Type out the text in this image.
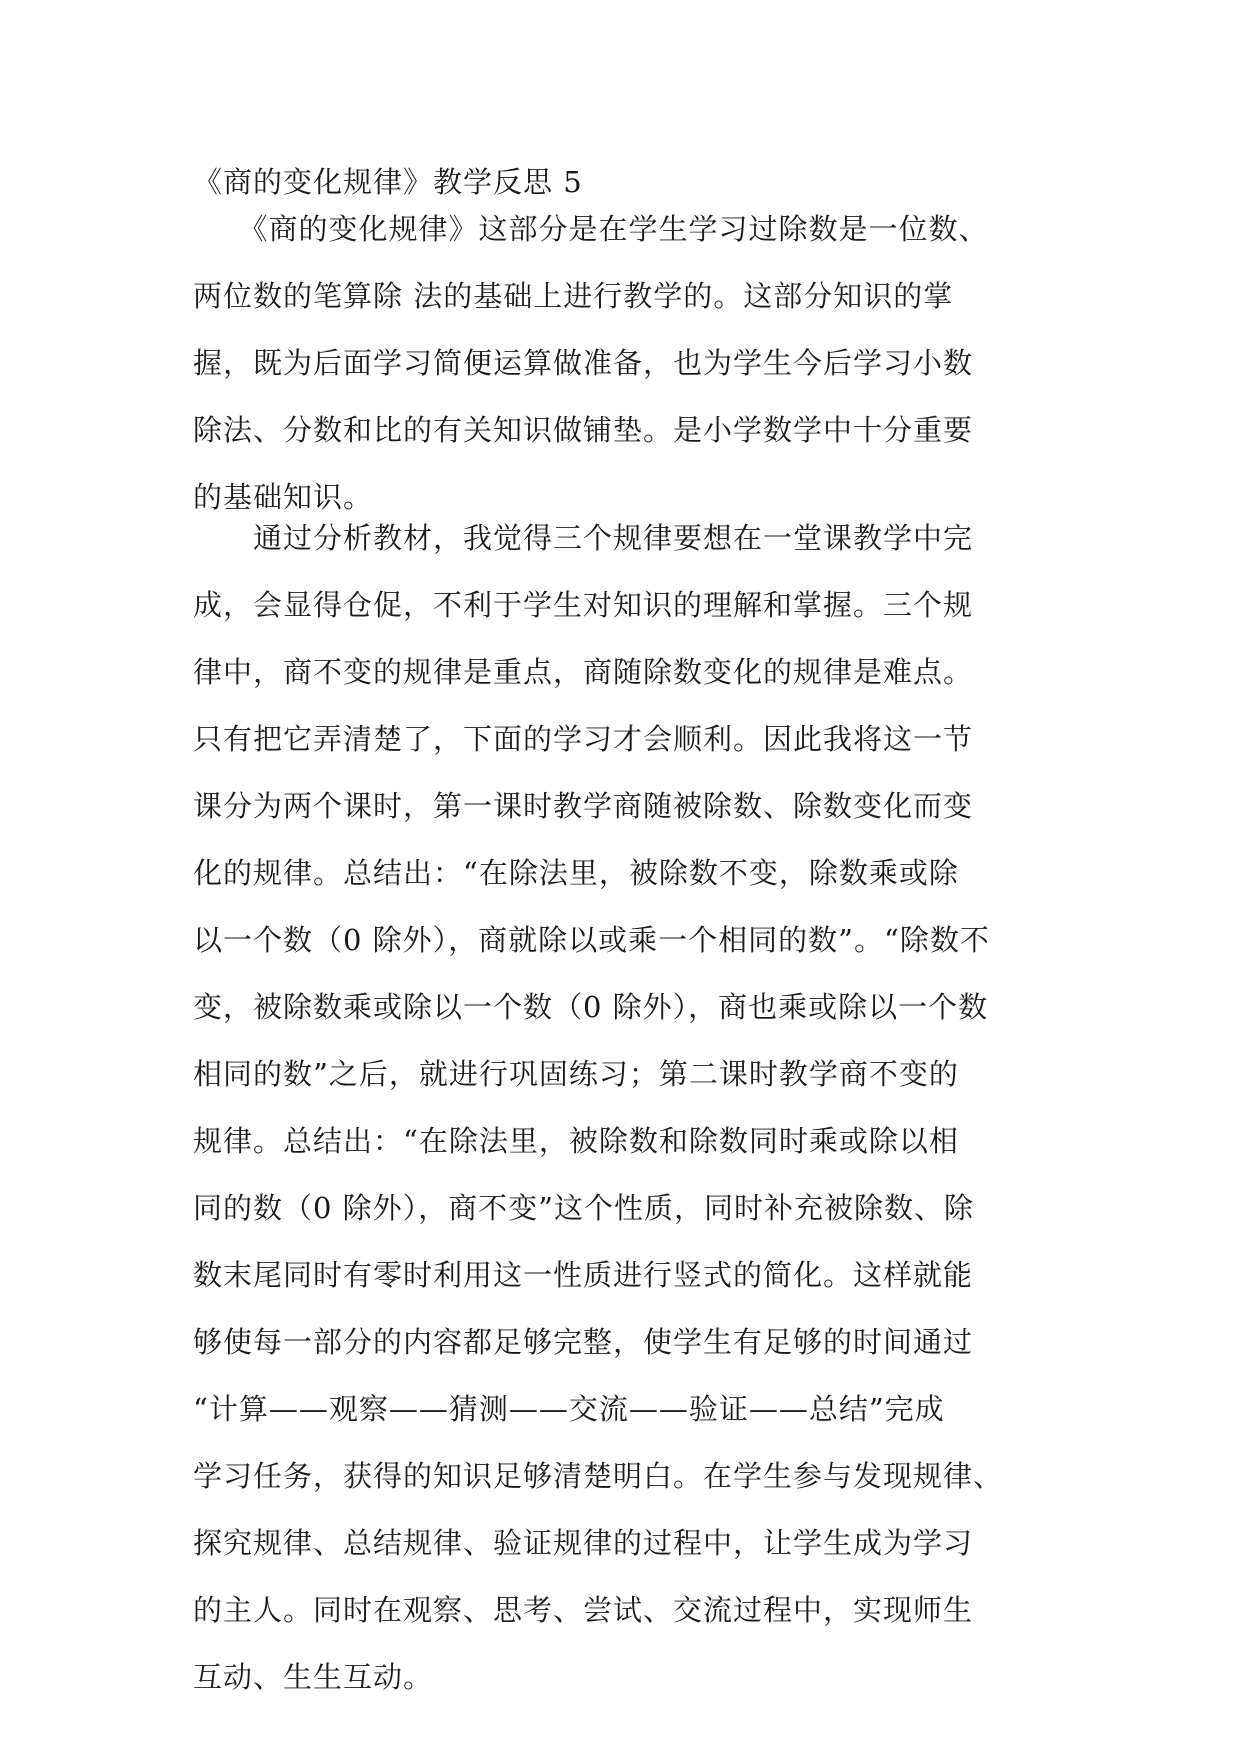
《商的变化规律》教学反思 5
　　《商的变化规律》这部分是在学生学习过除数是一位数、
两位数的笔算除 法的基础上进行教学的。这部分知识的掌
握，既为后面学习简便运算做准备，也为学生今后学习小数
除法、分数和比的有关知识做铺垫。是小学数学中十分重要
的基础知识。
　　通过分析教材，我觉得三个规律要想在一堂课教学中完
成，会显得仓促，不利于学生对知识的理解和掌握。三个规
律中，商不变的规律是重点，商随除数变化的规律是难点。
只有把它弄清楚了，下面的学习才会顺利。因此我将这一节
课分为两个课时，第一课时教学商随被除数、除数变化而变
化的规律。总结出：“在除法里，被除数不变，除数乘或除
以一个数（0 除外），商就除以或乘一个相同的数”。“除数不
变，被除数乘或除以一个数（0 除外），商也乘或除以一个数
相同的数”之后，就进行巩固练习；第二课时教学商不变的
规律。总结出：“在除法里，被除数和除数同时乘或除以相
同的数（0 除外），商不变”这个性质，同时补充被除数、除
数末尾同时有零时利用这一性质进行竖式的简化。这样就能
够使每一部分的内容都足够完整，使学生有足够的时间通过
“计算——观察——猜测——交流——验证——总结”完成
学习任务，获得的知识足够清楚明白。在学生参与发现规律、
探究规律、总结规律、验证规律的过程中，让学生成为学习
的主人。同时在观察、思考、尝试、交流过程中，实现师生
互动、生生互动。
